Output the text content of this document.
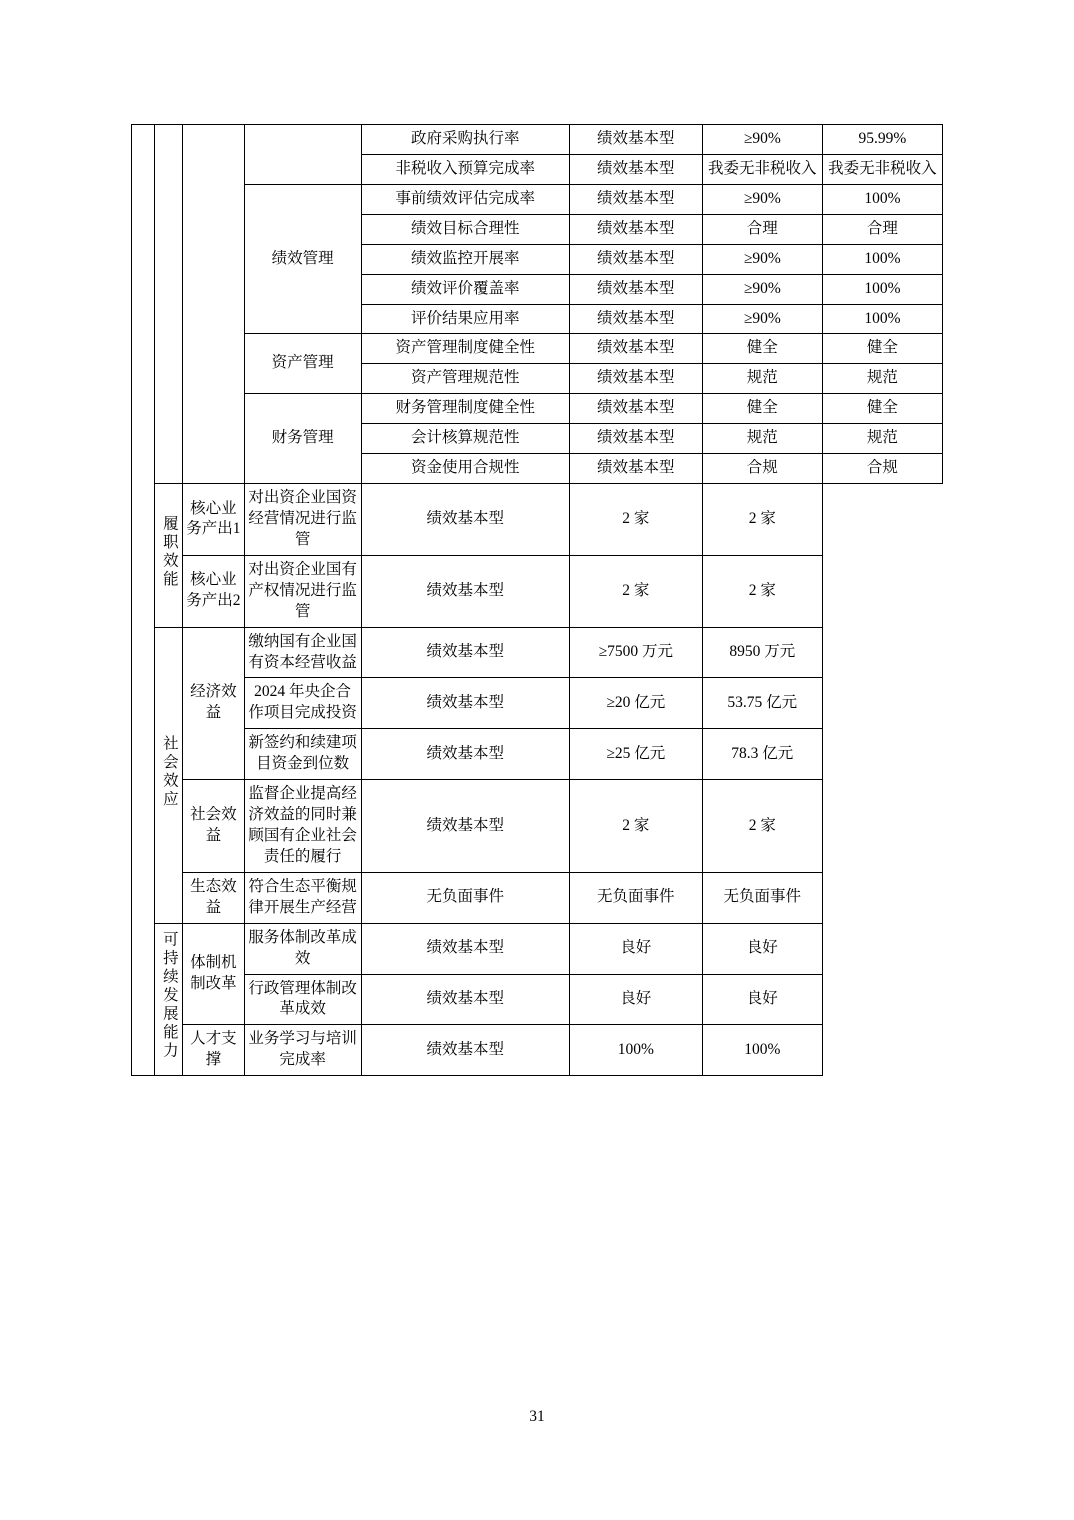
				政府采购执行率	绩效基本型	≥90%	95.99%
				非税收入预算完成率	绩效基本型	我委无非税收入	我委无非税收入
			绩效管理	事前绩效评估完成率	绩效基本型	≥90%	100%
				绩效目标合理性	绩效基本型	合理	合理
				绩效监控开展率	绩效基本型	≥90%	100%
				绩效评价覆盖率	绩效基本型	≥90%	100%
				评价结果应用率	绩效基本型	≥90%	100%
			资产管理	资产管理制度健全性	绩效基本型	健全	健全
				资产管理规范性	绩效基本型	规范	规范
			财务管理	财务管理制度健全性	绩效基本型	健全	健全
				会计核算规范性	绩效基本型	规范	规范
				资金使用合规性	绩效基本型	合规	合规
	履职效能	核心业务产出1	对出资企业国资经营情况进行监管	绩效基本型	2 家	2 家	
		核心业务产出2	对出资企业国有产权情况进行监管	绩效基本型	2 家	2 家	
	社会效应	经济效益	缴纳国有企业国有资本经营收益	绩效基本型	≥7500 万元	8950 万元	
			2024 年央企合作项目完成投资	绩效基本型	≥20 亿元	53.75 亿元	
			新签约和续建项目资金到位数	绩效基本型	≥25 亿元	78.3 亿元	
		社会效益	监督企业提高经济效益的同时兼顾国有企业社会责任的履行	绩效基本型	2 家	2 家	
		生态效益	符合生态平衡规律开展生产经营	无负面事件	无负面事件	无负面事件	
	可持续发展能力	体制机制改革	服务体制改革成效	绩效基本型	良好	良好	
			行政管理体制改革成效	绩效基本型	良好	良好	
		人才支撑	业务学习与培训完成率	绩效基本型	100%	100%	
31
